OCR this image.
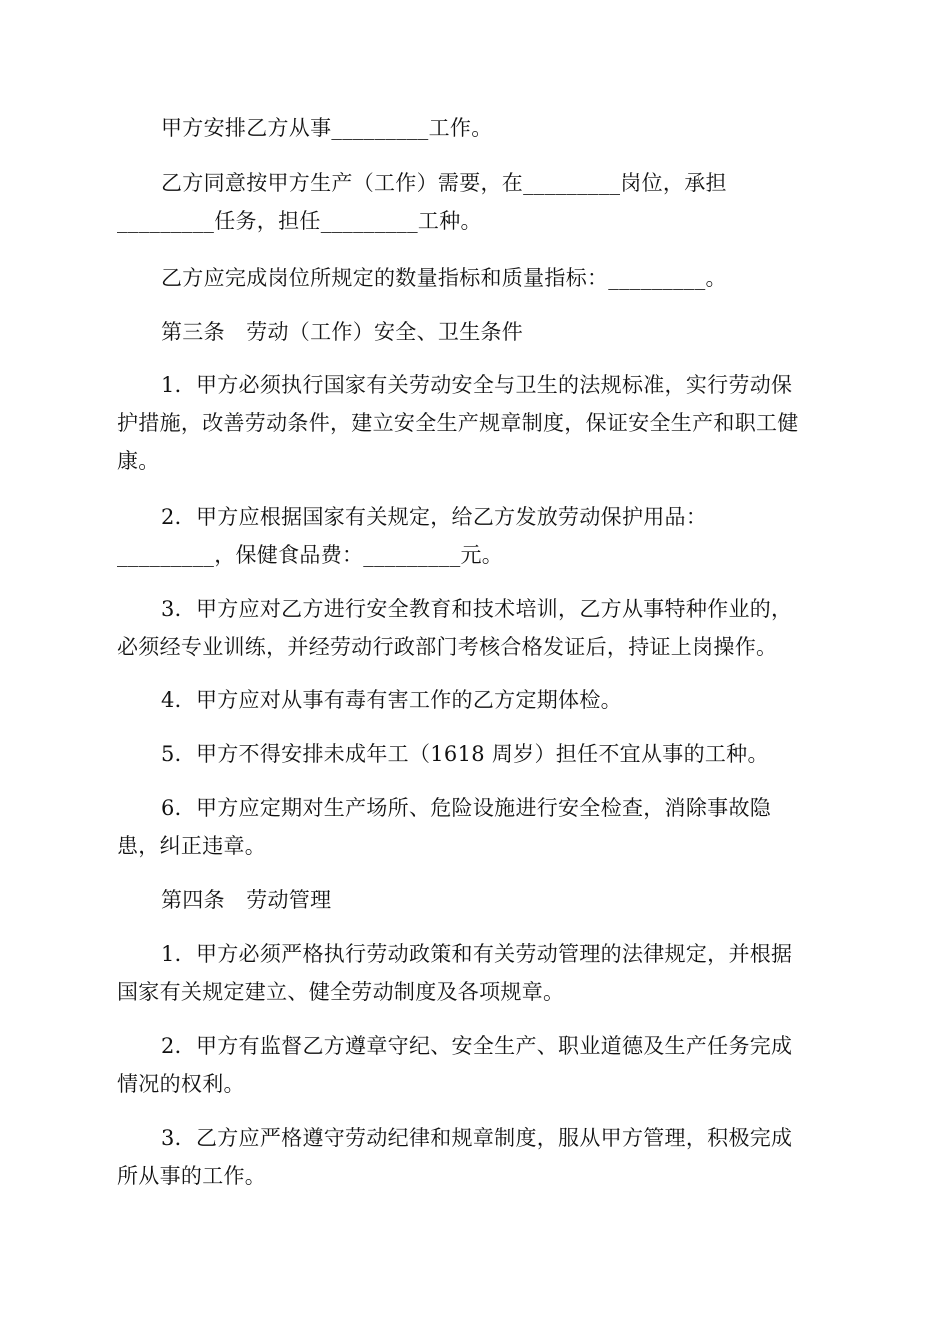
甲方安排乙方从事_________工作。
乙方同意按甲方生产（工作）需要，在_________岗位，承担
_________任务，担任_________工种。
乙方应完成岗位所规定的数量指标和质量指标：_________。
第三条　劳动（工作）安全、卫生条件
1．甲方必须执行国家有关劳动安全与卫生的法规标准，实行劳动保
护措施，改善劳动条件，建立安全生产规章制度，保证安全生产和职工健
康。
2．甲方应根据国家有关规定，给乙方发放劳动保护用品：
_________，保健食品费：_________元。
3．甲方应对乙方进行安全教育和技术培训，乙方从事特种作业的，
必须经专业训练，并经劳动行政部门考核合格发证后，持证上岗操作。
4．甲方应对从事有毒有害工作的乙方定期体检。
5．甲方不得安排未成年工（1618 周岁）担任不宜从事的工种。
6．甲方应定期对生产场所、危险设施进行安全检查，消除事故隐
患，纠正违章。
第四条　劳动管理
1．甲方必须严格执行劳动政策和有关劳动管理的法律规定，并根据
国家有关规定建立、健全劳动制度及各项规章。
2．甲方有监督乙方遵章守纪、安全生产、职业道德及生产任务完成
情况的权利。
3．乙方应严格遵守劳动纪律和规章制度，服从甲方管理，积极完成
所从事的工作。
